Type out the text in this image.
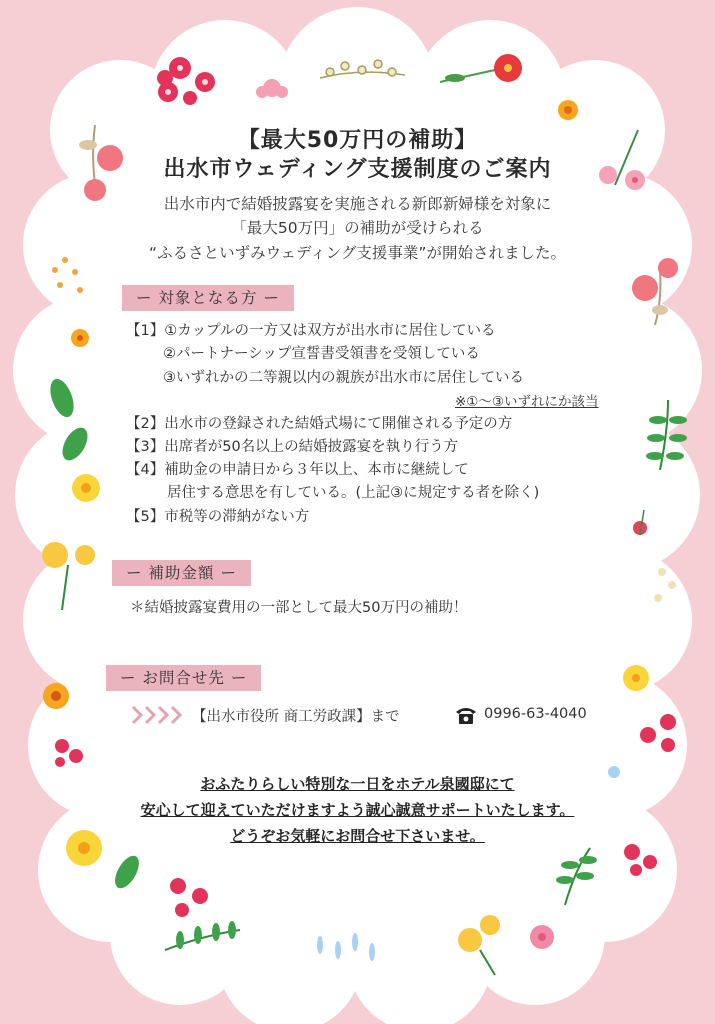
【最大50万円の補助】
出水市ウェディング支援制度のご案内
出水市内で結婚披露宴を実施される新郎新婦様を対象に
「最大50万円」の補助が受けられる
“ふるさといずみウェディング支援事業”が開始されました。
ー 対象となる方 ー
【1】①カップルの一方又は双方が出水市に居住している
②パートナーシップ宣誓書受領書を受領している
③いずれかの二等親以内の親族が出水市に居住している
※①〜③いずれにか該当
【2】出水市の登録された結婚式場にて開催される予定の方
【3】出席者が50名以上の結婚披露宴を執り行う方
【4】補助金の申請日から３年以上、本市に継続して
居住する意思を有している。(上記③に規定する者を除く)
【5】市税等の滞納がない方
ー 補助金額 ー
＊結婚披露宴費用の一部として最大50万円の補助！
ー お問合せ先 ー
【出水市役所 商工労政課】まで	0996-63-4040
おふたりらしい特別な一日をホテル泉國邸にて
安心して迎えていただけますよう誠心誠意サポートいたします。
どうぞお気軽にお問合せ下さいませ。
